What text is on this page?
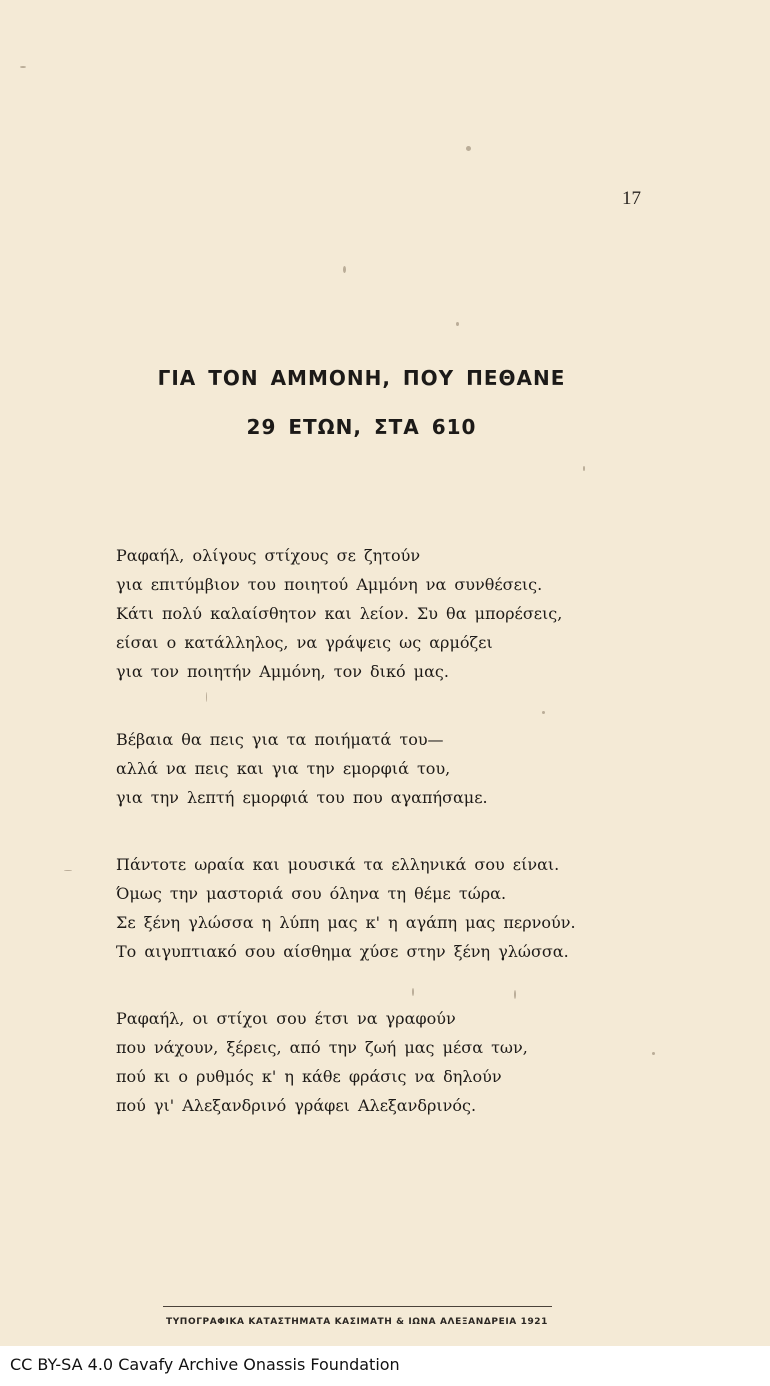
17
ΓΙΑ ΤΟΝ ΑΜΜΟΝΗ, ΠΟΥ ΠΕΘΑΝΕ
29 ΕΤΩΝ, ΣΤΑ 610
Ραφαήλ, ολίγους στίχους σε ζητούν
για επιτύμβιον του ποιητού Αμμόνη να συνθέσεις.
Κάτι πολύ καλαίσθητον και λείον. Συ θα μπορέσεις,
είσαι ο κατάλληλος, να γράψεις ως αρμόζει
για τον ποιητήν Αμμόνη, τον δικό μας.
Βέβαια θα πεις για τα ποιήματά του—
αλλά να πεις και για την εμορφιά του,
για την λεπτή εμορφιά του που αγαπήσαμε.
Πάντοτε ωραία και μουσικά τα ελληνικά σου είναι.
Όμως την μαστοριά σου όληνα τη θέμε τώρα.
Σε ξένη γλώσσα η λύπη μας κ' η αγάπη μας περνούν.
Το αιγυπτιακό σου αίσθημα χύσε στην ξένη γλώσσα.
Ραφαήλ, οι στίχοι σου έτσι να γραφούν
που νάχουν, ξέρεις, από την ζωή μας μέσα των,
πού κι ο ρυθμός κ' η κάθε φράσις να δηλούν
πού γι' Αλεξανδρινό γράφει Αλεξανδρινός.
ΤΥΠΟΓΡΑΦΙΚΑ ΚΑΤΑΣΤΗΜΑΤΑ ΚΑΣΙΜΑΤΗ & ΙΩΝΑ ΑΛΕΞΑΝΔΡΕΙΑ 1921
CC BY-SA 4.0 Cavafy Archive Onassis Foundation
